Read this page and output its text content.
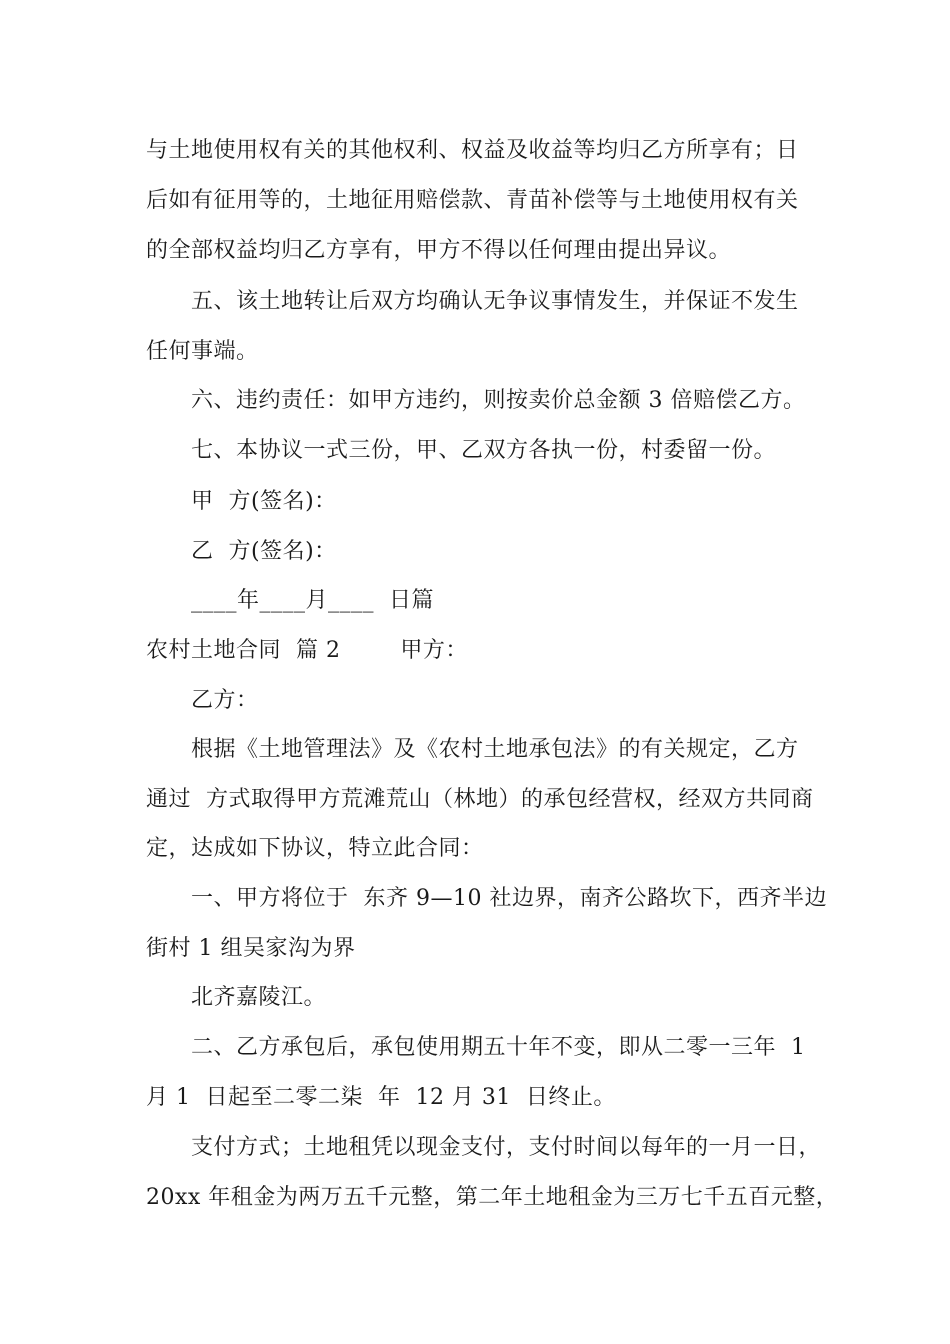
与土地使用权有关的其他权利、权益及收益等均归乙方所享有；日
后如有征用等的，土地征用赔偿款、青苗补偿等与土地使用权有关
的全部权益均归乙方享有，甲方不得以任何理由提出异议。
五、该土地转让后双方均确认无争议事情发生，并保证不发生
任何事端。
六、违约责任：如甲方违约，则按卖价总金额 3 倍赔偿乙方。
七、本协议一式三份，甲、乙双方各执一份，村委留一份。
甲  方(签名)：
乙  方(签名)：
____年____月____  日篇
农村土地合同  篇 2        甲方：
乙方：
根据《土地管理法》及《农村土地承包法》的有关规定，乙方
通过  方式取得甲方荒滩荒山（林地）的承包经营权，经双方共同商
定，达成如下协议，特立此合同：
一、甲方将位于  东齐 9—10 社边界，南齐公路坎下，西齐半边
街村 1 组吴家沟为界
北齐嘉陵江。
二、乙方承包后，承包使用期五十年不变，即从二零一三年  1
月 1  日起至二零二柒  年  12 月 31  日终止。
支付方式；土地租凭以现金支付，支付时间以每年的一月一日，
20xx 年租金为两万五千元整，第二年土地租金为三万七千五百元整，
